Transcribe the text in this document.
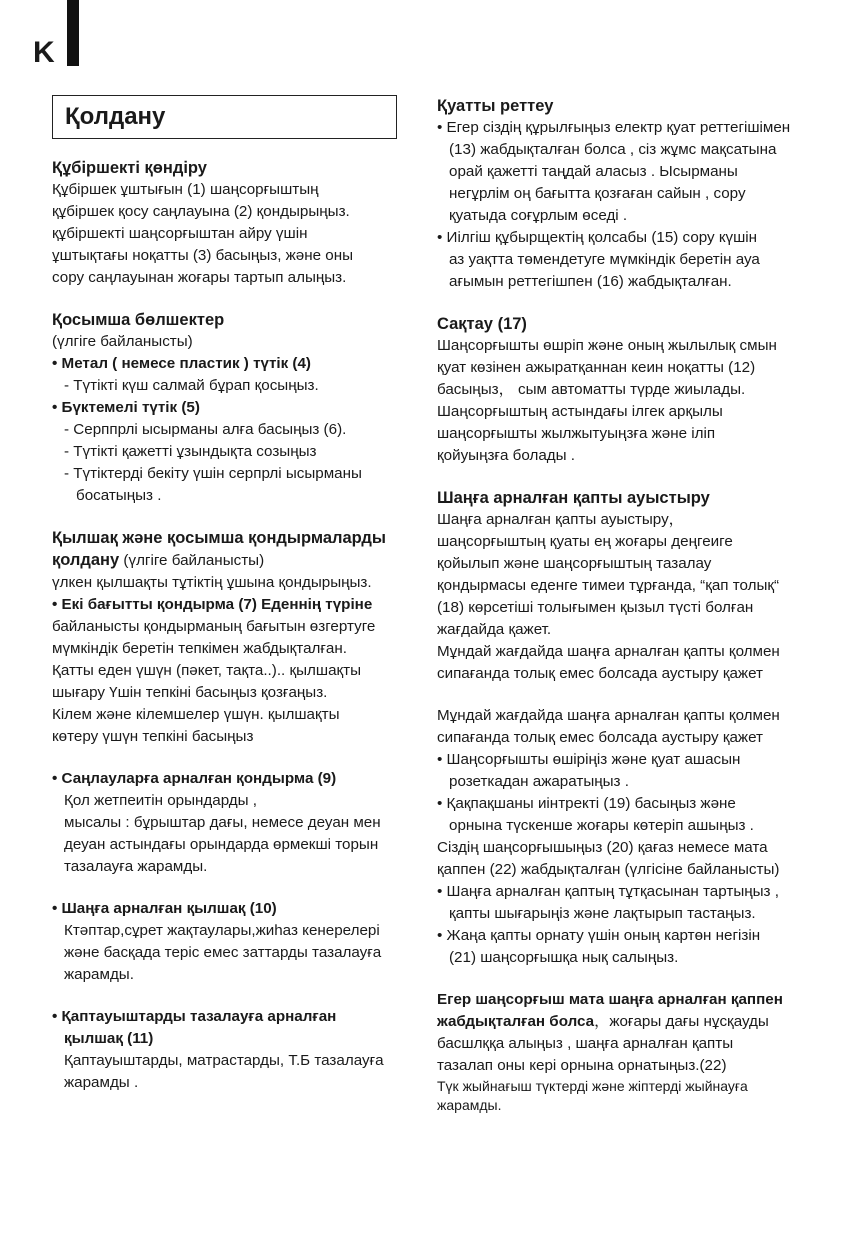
K
Қолдану
Құбіршекті қөндіру

Құбіршек ұштығын (1) шаңсорғыштың

құбіршек қосу саңлауына (2) қондырыңыз.

құбіршекті шаңсорғыштан айру үшін

ұштықтағы ноқатты (3) басыңыз, және оны

сору саңлауынан жоғары тартып алыңыз.

Қосымша бөлшектер

(үлгіге байланысты)

• Метал ( немесе пластик ) түтік (4)

- Түтікті күш салмай бұрап қосыңыз.

• Бүктемелі түтік (5)

- Серппрлі ысырманы алға басыңыз (6).

- Түтікті қажетті ұзындықта созыңыз

- Түтіктерді бекіту үшін серпрлі ысырманы

босатыңыз .

Қылшақ және қосымша қондырмаларды

қолдану (үлгіге байланысты)

үлкен қылшақты тұтіктің ұшына қондырыңыз.

• Екі бағытты қондырма (7) Еденнің түріне

байланысты қондырманың бағытын өзгертуге

мүмкіндік беретін тепкімен жабдықталған.

Қатты еден үшүн (пәкет, тақта..).. қылшақты

шығару Үшін тепкіні басыңыз қозғаңыз.

Кілем және кілемшелер үшүн. қылшақты

көтеру үшүн тепкіні басыңыз

• Саңлауларға арналған қондырма (9)

Қол жетпеитін орындарды ,

мысалы : бұрыштар дағы, немесе деуан мен

деуан астындағы орындарда өрмекші торын

тазалауға жарамды.

• Шаңға арналған қылшақ (10)

Ктәптар,сұрет жақтаулары,жиһаз кенерелері

және басқада теріс емес заттарды тазалауға

жарамды.

• Қаптауыштарды тазалауға арналған

қылшақ (11)

Қаптауыштарды, матрастарды, Т.Б тазалауға

жарамды .

Қуатты реттеу

• Егер сіздің құрылғыңыз електр қуат реттегішімен

(13) жабдықталған болса , сіз жұмс мақсатына

орай қажетті таңдай аласыз . Ысырманы

негұрлім оң бағытта қозғаған сайын , сору

қуатыда соғұрлым өседі .

• Иілгіш құбырщектің қолсабы (15) сору күшін

аз уақтта төмендетуге мүмкіндік беретін ауа

ағымын реттегішпен (16) жабдықталған.

Сақтау (17)

Шаңсорғышты өшріп және оның жылылық смын

қуат көзінен ажыратқаннан кеин ноқатты (12)

басыңыз， сым автоматты түрде жиылады.

Шаңсорғыштың астындағы ілгек арқылы

шаңсорғышты жылжытуыңзға және іліп

қойуыңзға болады .

Шаңға арналған қапты ауыстыру

Шаңға арналған қапты ауыстыру，

шаңсорғыштың қуаты ең жоғары деңгеиге

қойылып және шаңсорғыштың тазалау

қондырмасы еденге тимеи тұрғанда, “қап толық“

(18) көрсетіші толығымен қызыл түсті болған

жағдайда қажет.

Мұндай жағдайда шаңға арналған қапты қолмен

сипағанда толық емес болсада аустыру қажет

Мұндай жағдайда шаңға арналған қапты қолмен

сипағанда толық емес болсада аустыру қажет

• Шаңсорғышты өшіріңіз және қуат ашасын

розеткадан ажаратыңыз .

• Қақпақшаны иінтректі (19) басыңыз және

орнына түскенше жоғары көтеріп ашыңыз .

Сіздің шаңсорғышыңыз (20) қағаз немесе мата

қаппен (22) жабдықталған (үлгісіне байланысты)

• Шаңға арналған қаптың тұтқасынан тартыңыз ,

қапты шығарыңіз және лақтырып тастаңыз.

• Жаңа қапты орнату үшін оның картөн негізін

(21) шаңсорғышқа нық салыңыз.

Егер шаңсорғыш мата шаңға арналған қаппен

жабдықталған болса，жоғары дағы нұсқауды

басшлққа алыңыз , шаңға арналған қапты

тазалап оны кері орнына орнатыңыз.(22)

Түк жыйнағыш түктерді және жіптерді жыйнауға

жарамды.
